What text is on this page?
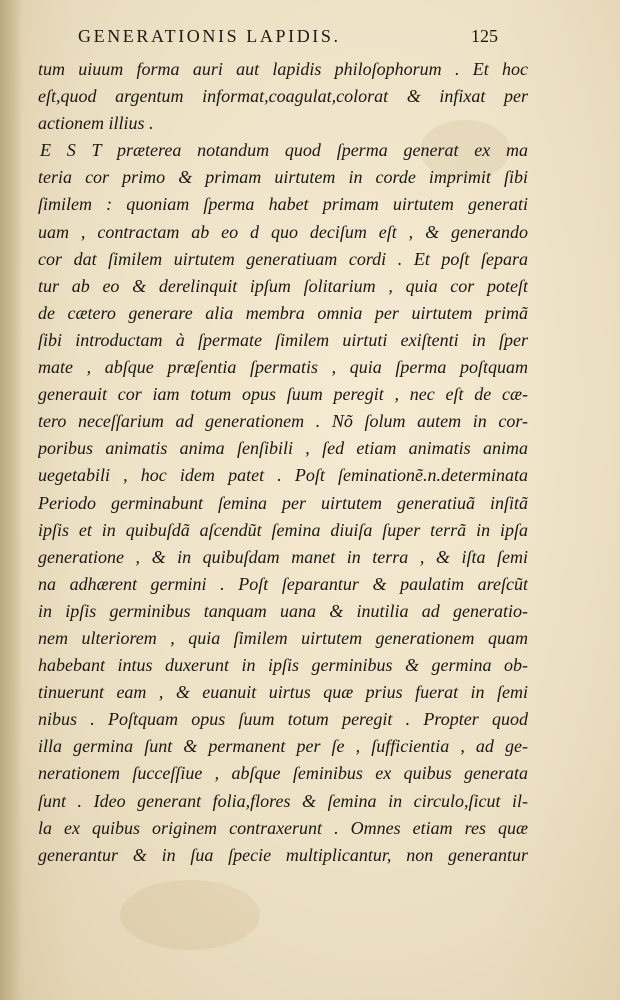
GENERATIONIS LAPIDIS.	125
tum uiuum forma auri aut lapidis philoſophorum . Et hoc
eſt,quod argentum informat,coagulat,colorat & infixat per
actionem illius .
E S T præterea notandum quod ſperma generat ex ma
teria cor primo & primam uirtutem in corde imprimit ſibi
ſimilem : quoniam ſperma habet primam uirtutem generati
uam , contractam ab eo d quo deciſum eſt , & generando
cor dat ſimilem uirtutem generatiuam cordi . Et poſt ſepara
tur ab eo & derelinquit ipſum ſolitarium , quia cor poteſt
de cætero generare alia membra omnia per uirtutem primã
ſibi introductam à ſpermate ſimilem uirtuti exiſtenti in ſper
mate , abſque præſentia ſpermatis , quia ſperma poſtquam
generauit cor iam totum opus ſuum peregit , nec eſt de cæ-
tero neceſſarium ad generationem . Nõ ſolum autem in cor-
poribus animatis anima ſenſibili , ſed etiam animatis anima
uegetabili , hoc idem patet . Poſt ſeminationẽ.n.determinata
Periodo germinabunt ſemina per uirtutem generatiuã inſitã
ipſis et in quibuſdã aſcendũt ſemina diuiſa ſuper terrã in ipſa
generatione , & in quibuſdam manet in terra , & iſta ſemi
na adhærent germini . Poſt ſeparantur & paulatim areſcũt
in ipſis germinibus tanquam uana & inutilia ad generatio-
nem ulteriorem , quia ſimilem uirtutem generationem quam
habebant intus duxerunt in ipſis germinibus & germina ob-
tinuerunt eam , & euanuit uirtus quæ prius fuerat in ſemi
nibus . Poſtquam opus ſuum totum peregit . Propter quod
illa germina ſunt & permanent per ſe , ſufficientia , ad ge-
nerationem ſucceſſiue , abſque ſeminibus ex quibus generata
ſunt . Ideo generant folia,flores & ſemina in circulo,ſicut il-
la ex quibus originem contraxerunt . Omnes etiam res quæ
generantur & in ſua ſpecie multiplicantur, non generantur
